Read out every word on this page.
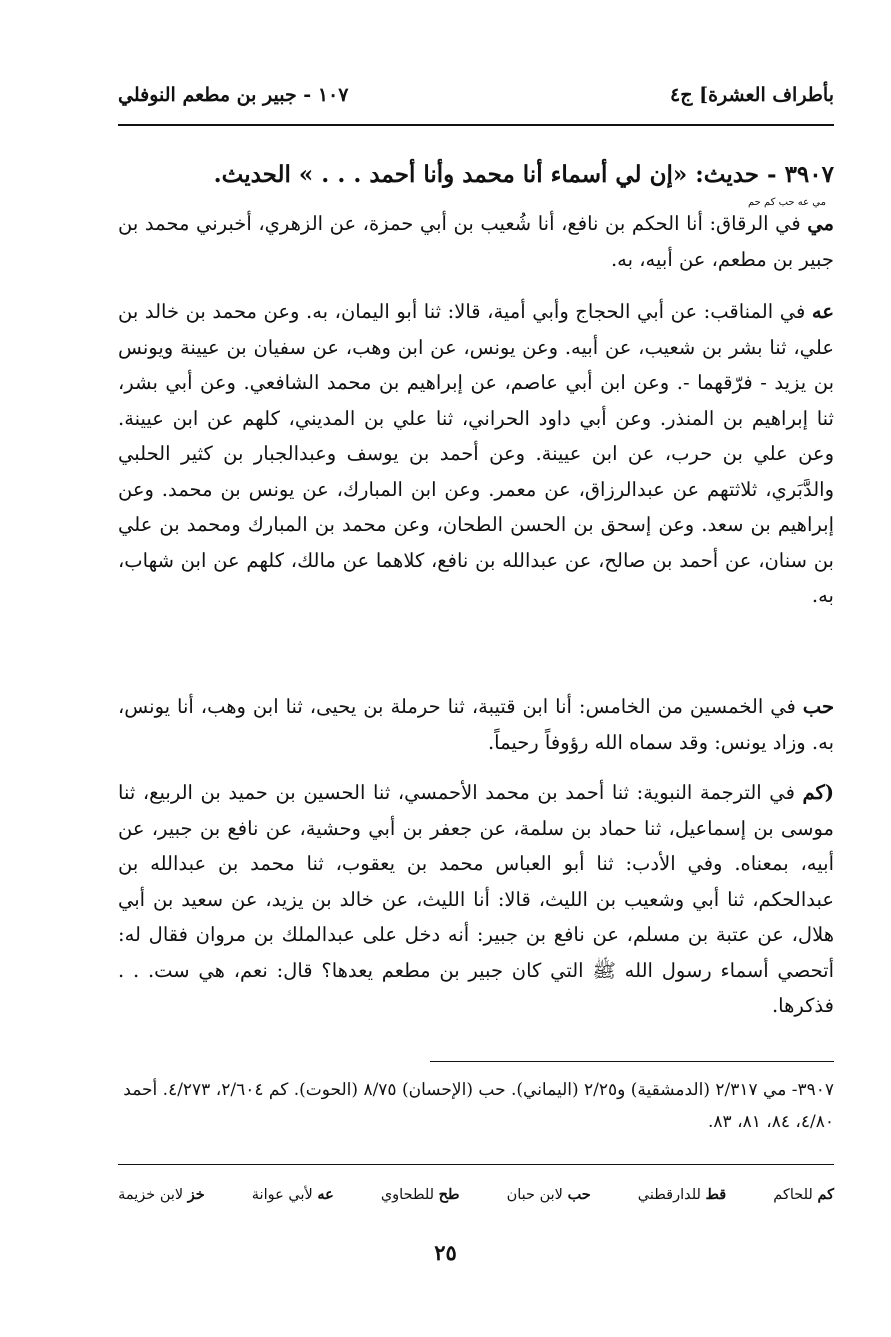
بأطراف العشرة] ج٤
١٠٧ - جبير بن مطعم النوفلي
٣٩٠٧ - حديث: «إن لي أسماء أنا محمد وأنا أحمد . . . » الحديث.
مي عه حب كم حم
مي في الرقاق: أنا الحكم بن نافع، أنا شُعيب بن أبي حمزة، عن الزهري، أخبرني محمد بن جبير بن مطعم، عن أبيه، به.
عه في المناقب: عن أبي الحجاج وأبي أمية، قالا: ثنا أبو اليمان، به. وعن محمد بن خالد بن علي، ثنا بشر بن شعيب، عن أبيه. وعن يونس، عن ابن وهب، عن سفيان بن عيينة ويونس بن يزيد - فرّقهما -. وعن ابن أبي عاصم، عن إبراهيم بن محمد الشافعي. وعن أبي بشر، ثنا إبراهيم بن المنذر. وعن أبي داود الحراني، ثنا علي بن المديني، كلهم عن ابن عيينة. وعن علي بن حرب، عن ابن عيينة. وعن أحمد بن يوسف وعبدالجبار بن كثير الحلبي والدَّبَري، ثلاثتهم عن عبدالرزاق، عن معمر. وعن ابن المبارك، عن يونس بن محمد. وعن إبراهيم بن سعد. وعن إسحق بن الحسن الطحان، وعن محمد بن المبارك ومحمد بن علي بن سنان، عن أحمد بن صالح، عن عبدالله بن نافع، كلاهما عن مالك، كلهم عن ابن شهاب، به.
حب في الخمسين من الخامس: أنا ابن قتيبة، ثنا حرملة بن يحيى، ثنا ابن وهب، أنا يونس، به. وزاد يونس: وقد سماه الله رؤوفاً رحيماً.
(كم في الترجمة النبوية: ثنا أحمد بن محمد الأحمسي، ثنا الحسين بن حميد بن الربيع، ثنا موسى بن إسماعيل، ثنا حماد بن سلمة، عن جعفر بن أبي وحشية، عن نافع بن جبير، عن أبيه، بمعناه. وفي الأدب: ثنا أبو العباس محمد بن يعقوب، ثنا محمد بن عبدالله بن عبدالحكم، ثنا أبي وشعيب بن الليث، قالا: أنا الليث، عن خالد بن يزيد، عن سعيد بن أبي هلال، عن عتبة بن مسلم، عن نافع بن جبير: أنه دخل على عبدالملك بن مروان فقال له: أتحصي أسماء رسول الله ﷺ التي كان جبير بن مطعم يعدها؟ قال: نعم، هي ست. . . فذكرها.
٣٩٠٧- مي ٢/٣١٧ (الدمشقية) و٢/٢٥ (اليماني). حب (الإحسان) ٨/٧٥ (الحوت). كم ٢/٦٠٤، ٤/٢٧٣. أحمد ٤/٨٠، ٨٤، ٨١، ٨٣.
خز لابن خزيمة	عه لأبي عوانة	طح للطحاوي	حب لابن حبان	قط للدارقطني	كم للحاكم
٢٥
